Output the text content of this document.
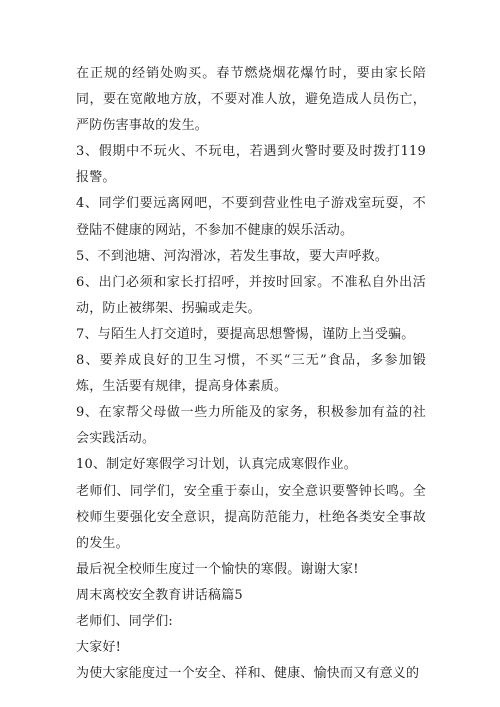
在正规的经销处购买。春节燃烧烟花爆竹时，要由家长陪同，要在宽敞地方放，不要对准人放，避免造成人员伤亡，严防伤害事故的发生。

3、假期中不玩火、不玩电，若遇到火警时要及时拨打119报警。

4、同学们要远离网吧，不要到营业性电子游戏室玩耍，不登陆不健康的网站，不参加不健康的娱乐活动。

5、不到池塘、河沟滑冰，若发生事故，要大声呼救。

6、出门必须和家长打招呼，并按时回家。不准私自外出活动，防止被绑架、拐骗或走失。

7、与陌生人打交道时，要提高思想警惕，谨防上当受骗。

8、要养成良好的卫生习惯，不买“三无”食品，多参加锻炼，生活要有规律，提高身体素质。

9、在家帮父母做一些力所能及的家务，积极参加有益的社会实践活动。

10、制定好寒假学习计划，认真完成寒假作业。

老师们、同学们，安全重于泰山，安全意识要警钟长鸣。全校师生要强化安全意识，提高防范能力，杜绝各类安全事故的发生。

最后祝全校师生度过一个愉快的寒假。谢谢大家!

周末离校安全教育讲话稿篇5

老师们、同学们:

大家好!

为使大家能度过一个安全、祥和、健康、愉快而又有意义的
